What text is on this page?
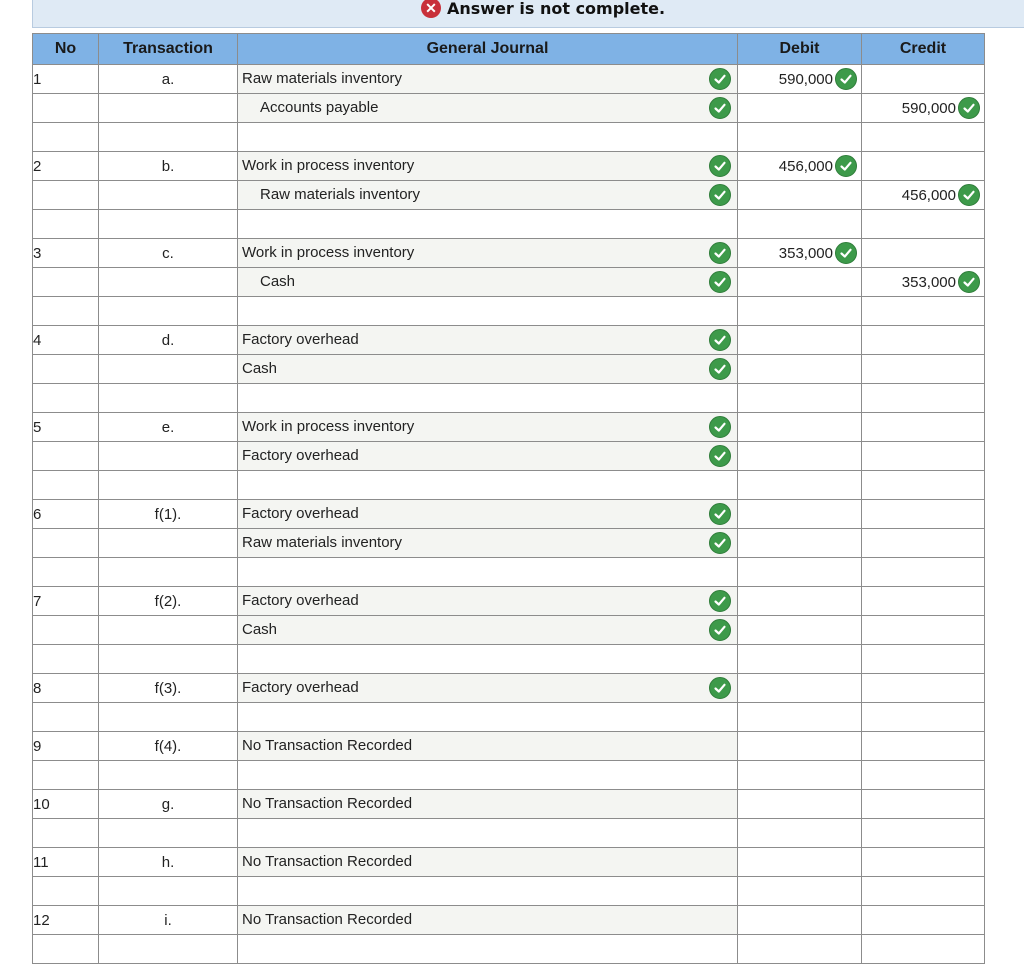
✕ Answer is not complete.
No	Transaction	General Journal	Debit	Credit
1	a.	Raw materials inventory	590,000	

		Accounts payable		590,000

2	b.	Work in process inventory	456,000	

		Raw materials inventory		456,000

3	c.	Work in process inventory	353,000	

		Cash		353,000

4	d.	Factory overhead		

		Cash		

5	e.	Work in process inventory		

		Factory overhead		

6	f(1).	Factory overhead		

		Raw materials inventory		

7	f(2).	Factory overhead		

		Cash		

8	f(3).	Factory overhead		

9	f(4).	No Transaction Recorded		

10	g.	No Transaction Recorded		

11	h.	No Transaction Recorded		

12	i.	No Transaction Recorded		
